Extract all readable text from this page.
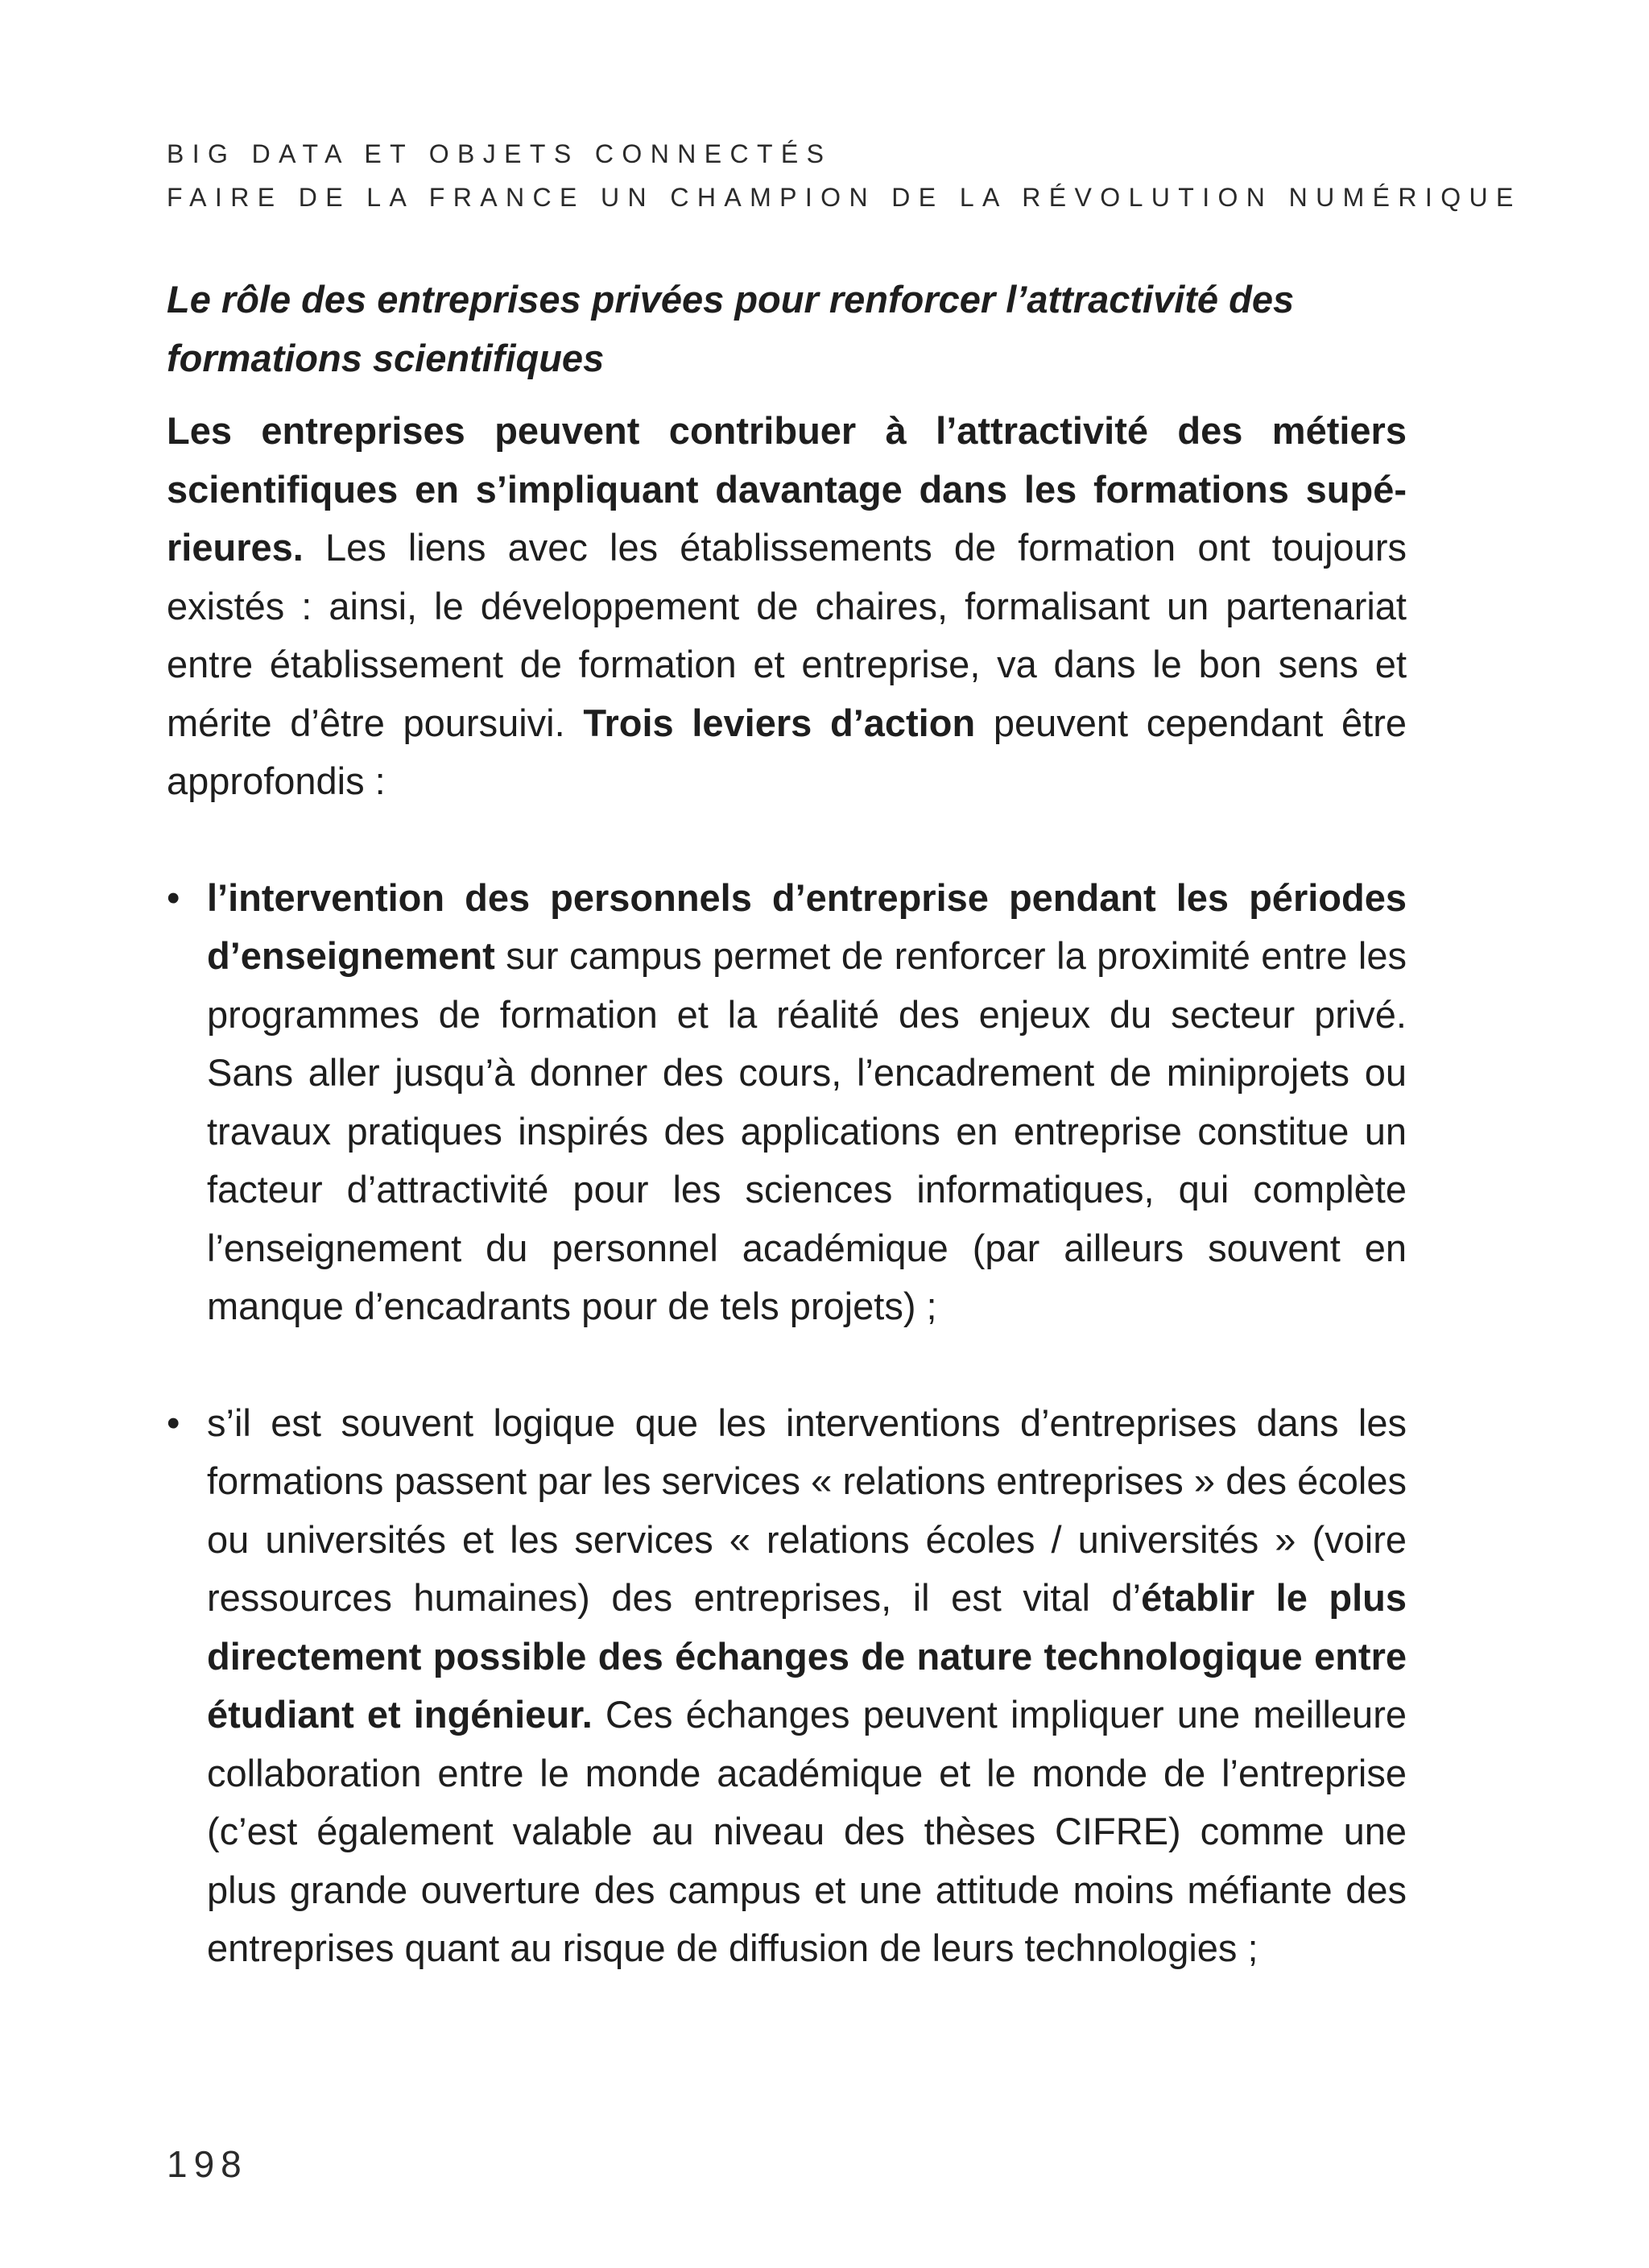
BIG DATA ET OBJETS CONNECTÉS
FAIRE DE LA FRANCE UN CHAMPION DE LA RÉVOLUTION NUMÉRIQUE
Le rôle des entreprises privées pour renforcer l’attractivité des formations scientifiques

Les entreprises peuvent contribuer à l’attractivité des métiers scientifiques en s’impliquant davantage dans les formations supérieures. Les liens avec les établissements de formation ont toujours existés : ainsi, le développement de chaires, formalisant un partenariat entre établissement de formation et entreprise, va dans le bon sens et mérite d’être poursuivi. Trois leviers d’action peuvent cependant être approfondis :

• l’intervention des personnels d’entreprise pendant les périodes d’enseignement sur campus permet de renforcer la proximité entre les programmes de formation et la réalité des enjeux du secteur privé. Sans aller jusqu’à donner des cours, l’encadrement de miniprojets ou travaux pratiques inspirés des applications en entreprise constitue un facteur d’attractivité pour les sciences informatiques, qui complète l’enseignement du personnel académique (par ailleurs souvent en manque d’encadrants pour de tels projets) ;
• s’il est souvent logique que les interventions d’entreprises dans les formations passent par les services « relations entreprises » des écoles ou universités et les services « relations écoles / universités » (voire ressources humaines) des entreprises, il est vital d’établir le plus directement possible des échanges de nature technologique entre étudiant et ingénieur. Ces échanges peuvent impliquer une meilleure collaboration entre le monde académique et le monde de l’entreprise (c’est également valable au niveau des thèses CIFRE) comme une plus grande ouverture des campus et une attitude moins méfiante des entreprises quant au risque de diffusion de leurs technologies ;
198
